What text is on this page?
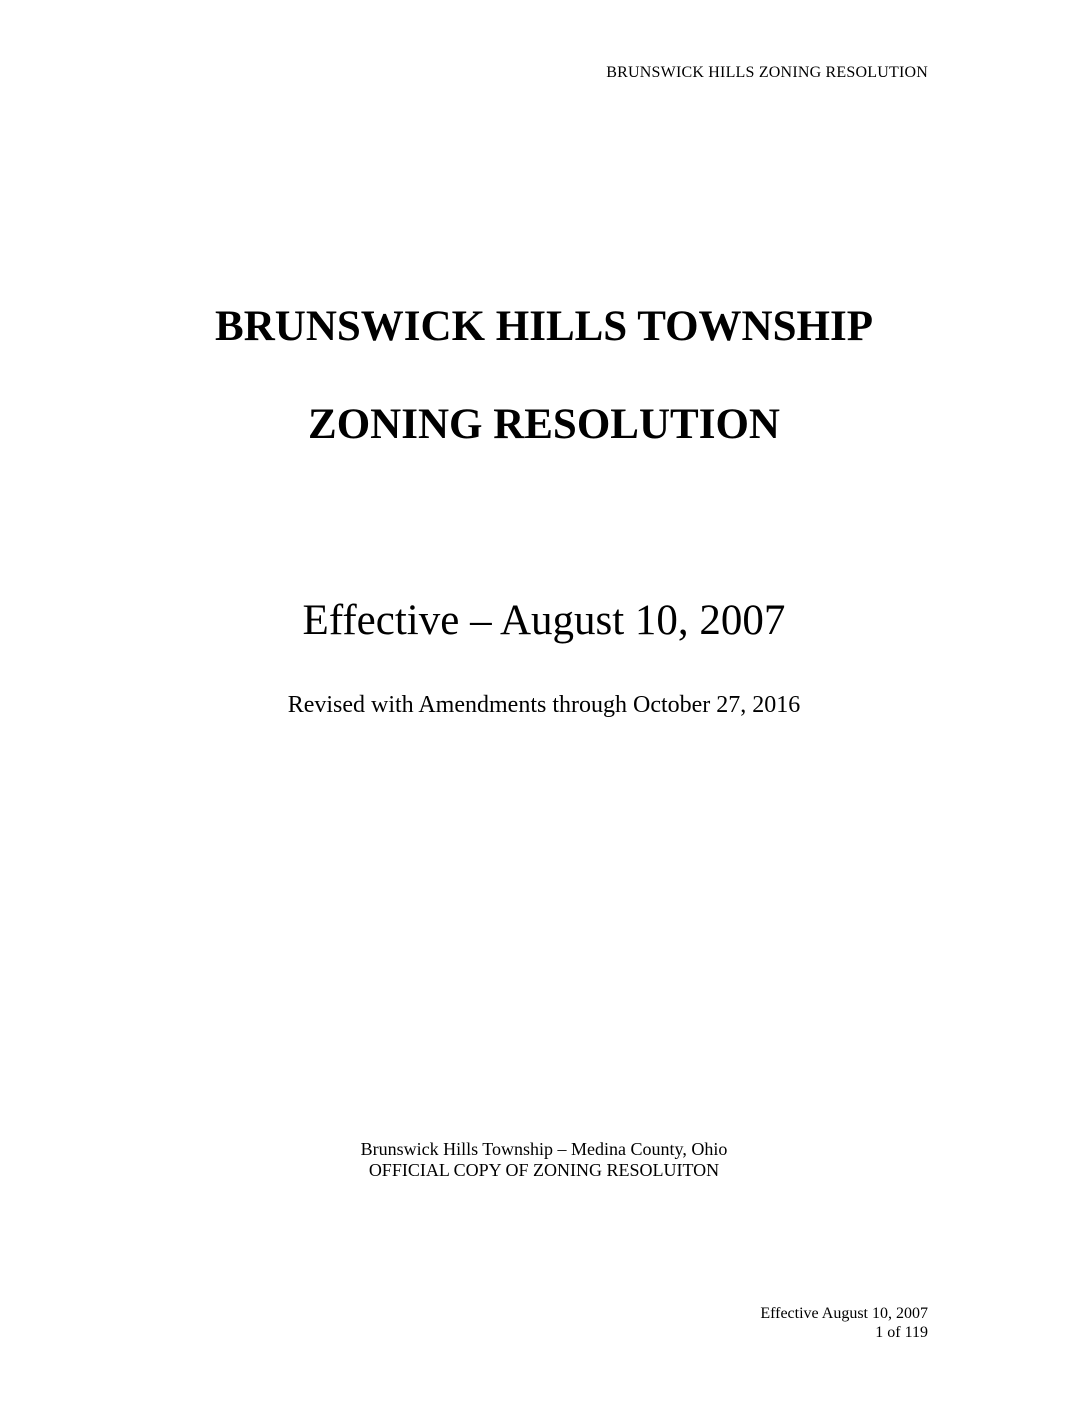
BRUNSWICK HILLS ZONING RESOLUTION
BRUNSWICK HILLS TOWNSHIP
ZONING RESOLUTION
Effective – August 10, 2007
Revised with Amendments through October 27, 2016
Brunswick Hills Township – Medina County, Ohio
OFFICIAL COPY OF ZONING RESOLUITON
Effective August 10, 2007
1 of 119
